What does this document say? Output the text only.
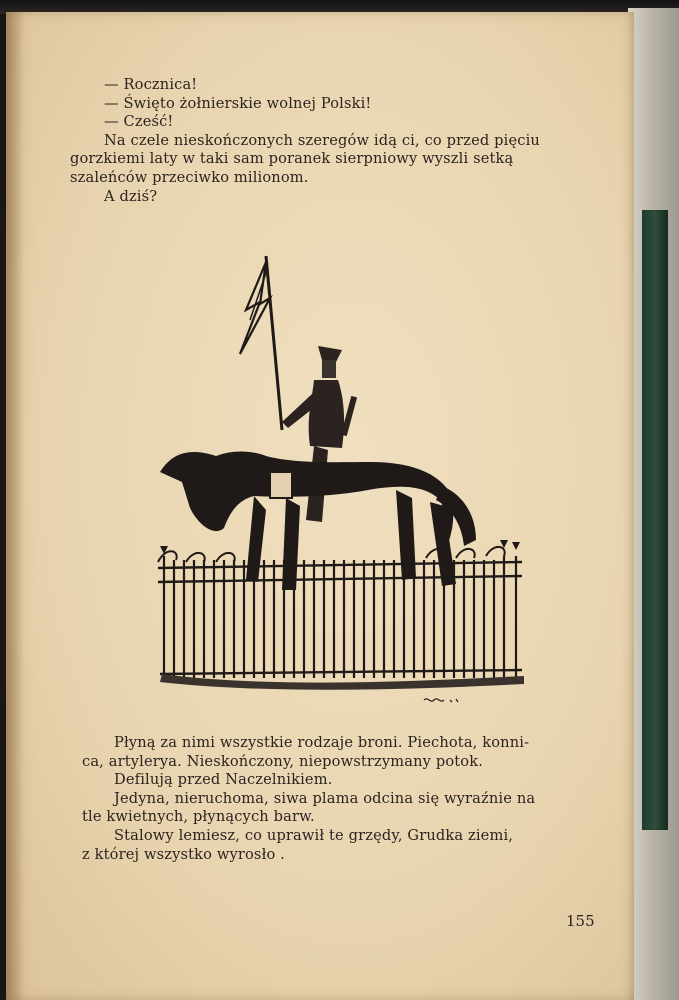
— Rocznica!
— Święto żołnierskie wolnej Polski!
— Cześć!
Na czele nieskończonych szeregów idą ci, co przed pięciu
gorzkiemi laty w taki sam poranek sierpniowy wyszli setką
szaleńców przeciwko milionom.
A dziś?
Płyną za nimi wszystkie rodzaje broni. Piechota, konni-
ca, artylerya. Nieskończony, niepowstrzymany potok.
Defilują przed Naczelnikiem.
Jedyna, nieruchoma, siwa plama odcina się wyraźnie na
tle kwietnych, płynących barw.
Stalowy lemiesz, co uprawił te grzędy, Grudka ziemi,
z której wszystko wyrosło .
155
